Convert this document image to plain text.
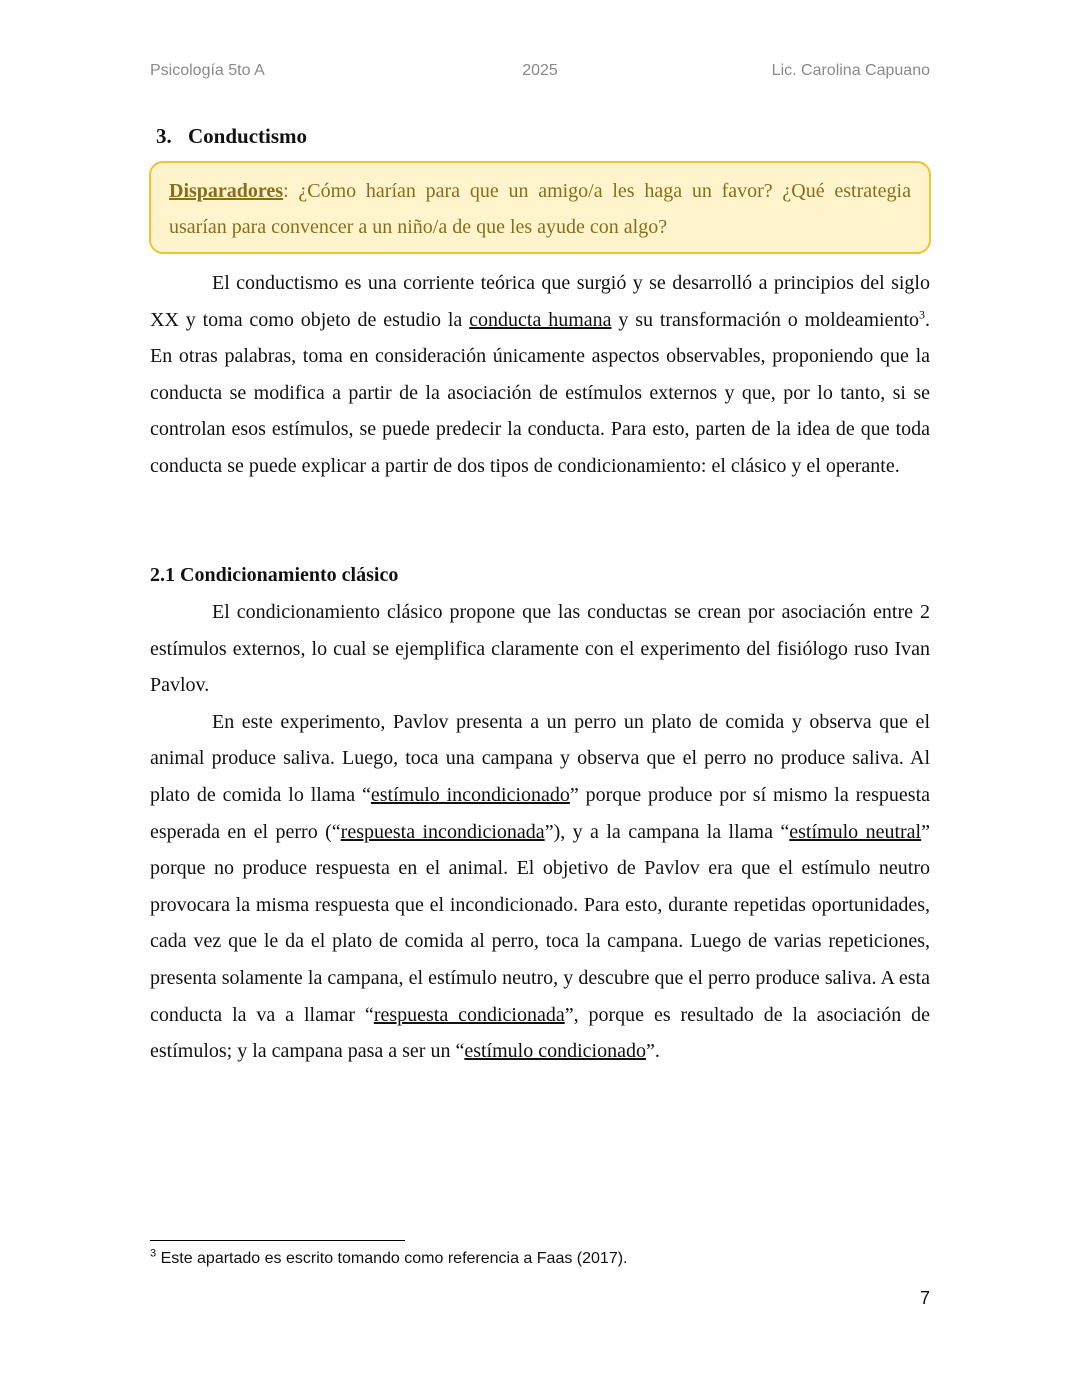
Psicología 5to A	2025	Lic. Carolina Capuano
3. Conductismo
Disparadores: ¿Cómo harían para que un amigo/a les haga un favor? ¿Qué estrategia usarían para convencer a un niño/a de que les ayude con algo?

El conductismo es una corriente teórica que surgió y se desarrolló a principios del siglo XX y toma como objeto de estudio la conducta humana y su transformación o moldeamiento$^3$. En otras palabras, toma en consideración únicamente aspectos observables, proponiendo que la conducta se modifica a partir de la asociación de estímulos externos y que, por lo tanto, si se controlan esos estímulos, se puede predecir la conducta. Para esto, parten de la idea de que toda conducta se puede explicar a partir de dos tipos de condicionamiento: el clásico y el operante.

2.1 Condicionamiento clásico

El condicionamiento clásico propone que las conductas se crean por asociación entre 2 estímulos externos, lo cual se ejemplifica claramente con el experimento del fisiólogo ruso Ivan Pavlov.

En este experimento, Pavlov presenta a un perro un plato de comida y observa que el animal produce saliva. Luego, toca una campana y observa que el perro no produce saliva. Al plato de comida lo llama “estímulo incondicionado” porque produce por sí mismo la respuesta esperada en el perro (“respuesta incondicionada”), y a la campana la llama “estímulo neutral” porque no produce respuesta en el animal. El objetivo de Pavlov era que el estímulo neutro provocara la misma respuesta que el incondicionado. Para esto, durante repetidas oportunidades, cada vez que le da el plato de comida al perro, toca la campana. Luego de varias repeticiones, presenta solamente la campana, el estímulo neutro, y descubre que el perro produce saliva. A esta conducta la va a llamar “respuesta condicionada”, porque es resultado de la asociación de estímulos; y la campana pasa a ser un “estímulo condicionado”.

$^3$ Este apartado es escrito tomando como referencia a Faas (2017).
7
